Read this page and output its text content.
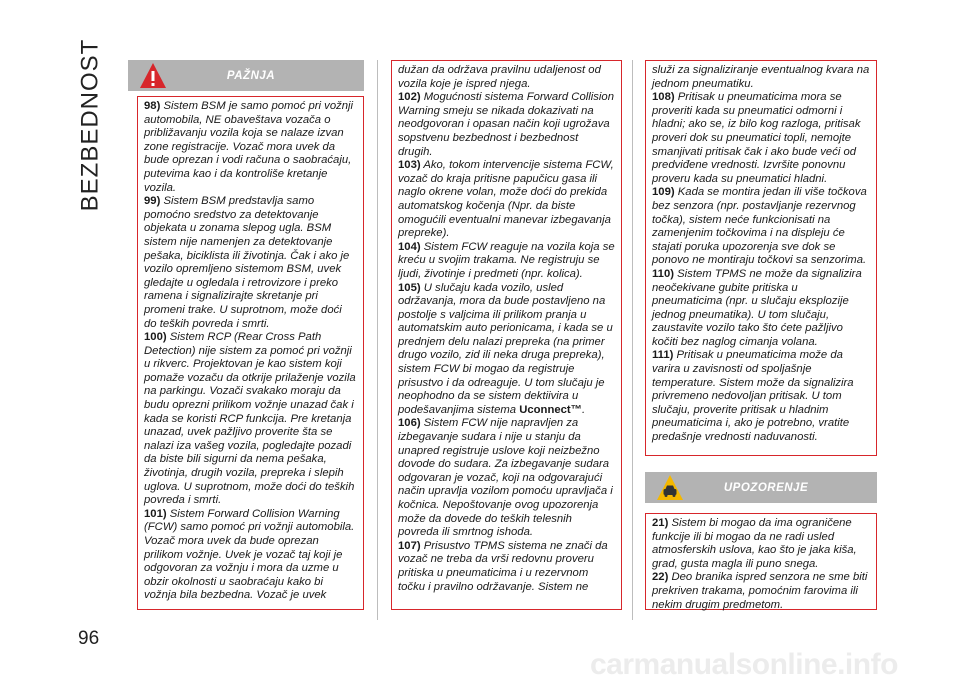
BEZBEDNOST
96
PAŽNJA

98) Sistem BSM je samo pomoć pri vožnji automobila, NE obaveštava vozača o približavanju vozila koja se nalaze izvan zone registracije. Vozač mora uvek da bude oprezan i vodi računa o saobraćaju, putevima kao i da kontroliše kretanje vozila.

99) Sistem BSM predstavlja samo pomoćno sredstvo za detektovanje objekata u zonama slepog ugla. BSM sistem nije namenjen za detektovanje pešaka, biciklista ili životinja. Čak i ako je vozilo opremljeno sistemom BSM, uvek gledajte u ogledala i retrovizore i preko ramena i signalizirajte skretanje pri promeni trake. U suprotnom, može doći do teških povreda i smrti.

100) Sistem RCP (Rear Cross Path Detection) nije sistem za pomoć pri vožnji u rikverc. Projektovan je kao sistem koji pomaže vozaču da otkrije prilaženje vozila na parkingu. Vozači svakako moraju da budu oprezni prilikom vožnje unazad čak i kada se koristi RCP funkcija. Pre kretanja unazad, uvek pažljivo proverite šta se nalazi iza vašeg vozila, pogledajte pozadi da biste bili sigurni da nema pešaka, životinja, drugih vozila, prepreka i slepih uglova. U suprotnom, može doći do teških povreda i smrti.

101) Sistem Forward Collision Warning (FCW) samo pomoć pri vožnji automobila. Vozač mora uvek da bude oprezan prilikom vožnje. Uvek je vozač taj koji je odgovoran za vožnju i mora da uzme u obzir okolnosti u saobraćaju kako bi vožnja bila bezbedna. Vozač je uvek

dužan da održava pravilnu udaljenost od vozila koje je ispred njega.

102) Mogućnosti sistema Forward Collision Warning smeju se nikada dokazivati na neodgovoran i opasan način koji ugrožava sopstvenu bezbednost i bezbednost drugih.

103) Ako, tokom intervencije sistema FCW, vozač do kraja pritisne papučicu gasa ili naglo okrene volan, može doći do prekida automatskog kočenja (Npr. da biste omogućili eventualni manevar izbegavanja prepreke).

104) Sistem FCW reaguje na vozila koja se kreću u svojim trakama. Ne registruju se ljudi, životinje i predmeti (npr. kolica).

105) U slučaju kada vozilo, usled održavanja, mora da bude postavljeno na postolje s valjcima ili prilikom pranja u automatskim auto perionicama, i kada se u prednjem delu nalazi prepreka (na primer drugo vozilo, zid ili neka druga prepreka), sistem FCW bi mogao da registruje prisustvo i da odreaguje. U tom slučaju je neophodno da se sistem dektiivira u podešavanjima sistema Uconnect™.

106) Sistem FCW nije napravljen za izbegavanje sudara i nije u stanju da unapred registruje uslove koji neizbežno dovode do sudara. Za izbegavanje sudara odgovaran je vozač, koji na odgovarajući način upravlja vozilom pomoću upravljača i kočnica. Nepoštovanje ovog upozorenja može da dovede do teških telesnih povreda ili smrtnog ishoda.

107) Prisustvo TPMS sistema ne znači da vozač ne treba da vrši redovnu proveru pritiska u pneumaticima i u rezervnom točku i pravilno održavanje. Sistem ne

služi za signaliziranje eventualnog kvara na jednom pneumatiku.

108) Pritisak u pneumaticima mora se proveriti kada su pneumatici odmorni i hladni; ako se, iz bilo kog razloga, pritisak proveri dok su pneumatici topli, nemojte smanjivati pritisak čak i ako bude veći od predviđene vrednosti. Izvršite ponovnu proveru kada su pneumatici hladni.

109) Kada se montira jedan ili više točkova bez senzora (npr. postavljanje rezervnog točka), sistem neće funkcionisati na zamenjenim točkovima i na displeju će stajati poruka upozorenja sve dok se ponovo ne montiraju točkovi sa senzorima.

110) Sistem TPMS ne može da signalizira neočekivane gubite pritiska u pneumaticima (npr. u slučaju eksplozije jednog pneumatika). U tom slučaju, zaustavite vozilo tako što ćete pažljivo kočiti bez naglog cimanja volana.

111) Pritisak u pneumaticima može da varira u zavisnosti od spoljašnje temperature. Sistem može da signalizira privremeno nedovoljan pritisak. U tom slučaju, proverite pritisak u hladnim pneumaticima i, ako je potrebno, vratite predašnje vrednosti naduvanosti.

UPOZORENJE

21) Sistem bi mogao da ima ograničene funkcije ili bi mogao da ne radi usled atmosferskih uslova, kao što je jaka kiša, grad, gusta magla ili puno snega.

22) Deo branika ispred senzora ne sme biti prekriven trakama, pomoćnim farovima ili nekim drugim predmetom.

carmanualsonline.info
